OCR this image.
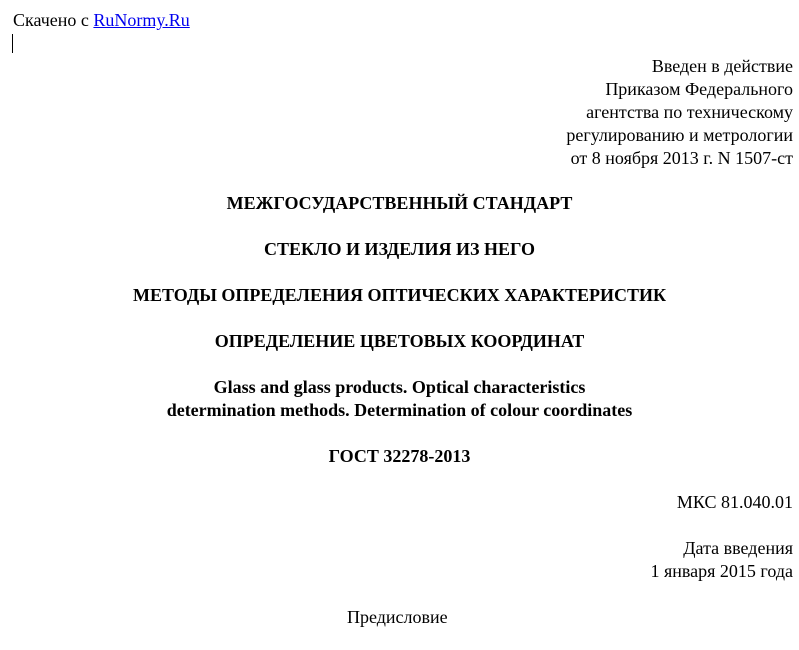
Скачено с RuNormy.Ru
Введен в действие
Приказом Федерального
агентства по техническому
регулированию и метрологии
от 8 ноября 2013 г. N 1507-ст
МЕЖГОСУДАРСТВЕННЫЙ СТАНДАРТ
СТЕКЛО И ИЗДЕЛИЯ ИЗ НЕГО
МЕТОДЫ ОПРЕДЕЛЕНИЯ ОПТИЧЕСКИХ ХАРАКТЕРИСТИК
ОПРЕДЕЛЕНИЕ ЦВЕТОВЫХ КООРДИНАТ
Glass and glass products. Optical characteristics
determination methods. Determination of colour coordinates
ГОСТ 32278-2013
МКС 81.040.01
Дата введения
1 января 2015 года
Предисловие
